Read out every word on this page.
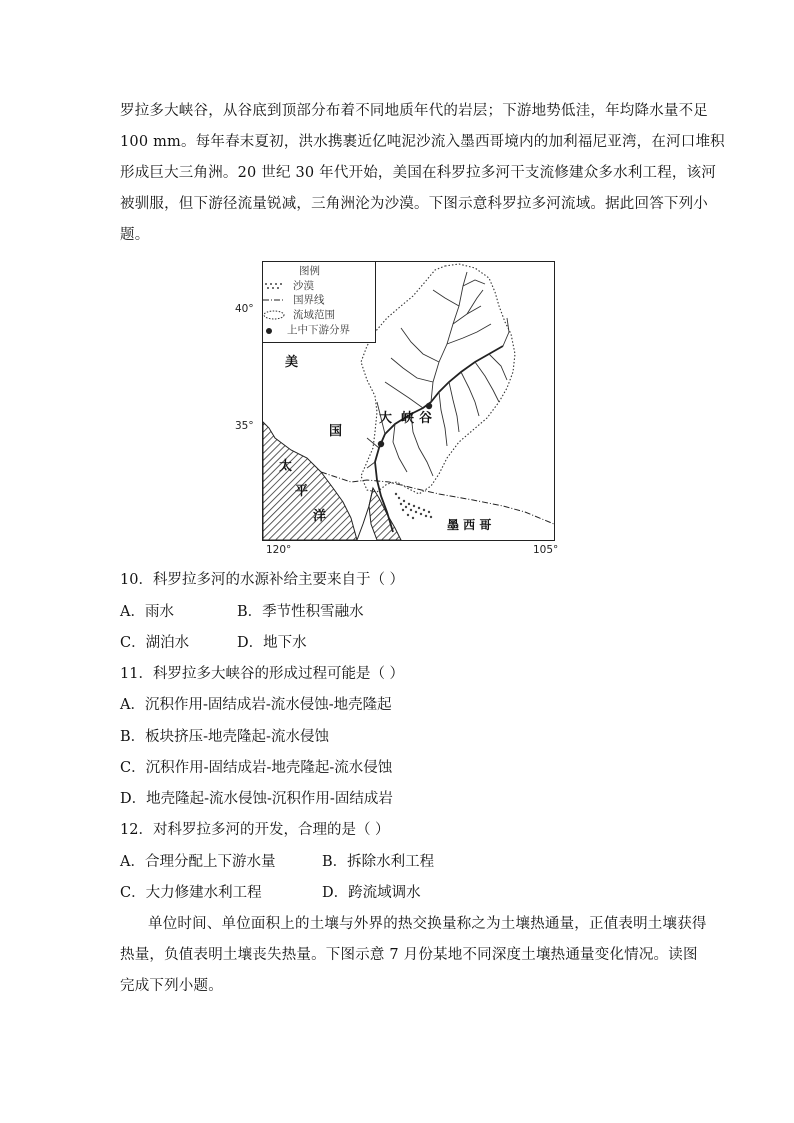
罗拉多大峡谷，从谷底到顶部分布着不同地质年代的岩层；下游地势低洼，年均降水量不足
100 mm。每年春末夏初，洪水携裹近亿吨泥沙流入墨西哥境内的加利福尼亚湾，在河口堆积
形成巨大三角洲。20 世纪 30 年代开始，美国在科罗拉多河干支流修建众多水利工程，该河
被驯服，但下游径流量锐减，三角洲沦为沙漠。下图示意科罗拉多河流域。据此回答下列小
题。
40°
35°
120°	105°
图例
沙漠
国界线
流域范围
上中下游分界
美
国
大 峡 谷
太
平
洋
墨 西 哥
10．科罗拉多河的水源补给主要来自于（ ）
A．雨水	B．季节性积雪融水
C．湖泊水	D．地下水
11．科罗拉多大峡谷的形成过程可能是（ ）
A．沉积作用-固结成岩-流水侵蚀-地壳隆起
B．板块挤压-地壳隆起-流水侵蚀
C．沉积作用-固结成岩-地壳隆起-流水侵蚀
D．地壳隆起-流水侵蚀-沉积作用-固结成岩
12．对科罗拉多河的开发，合理的是（ ）
A．合理分配上下游水量	B．拆除水利工程
C．大力修建水利工程	D．跨流域调水
单位时间、单位面积上的土壤与外界的热交换量称之为土壤热通量，正值表明土壤获得
热量，负值表明土壤丧失热量。下图示意 7 月份某地不同深度土壤热通量变化情况。读图
完成下列小题。
